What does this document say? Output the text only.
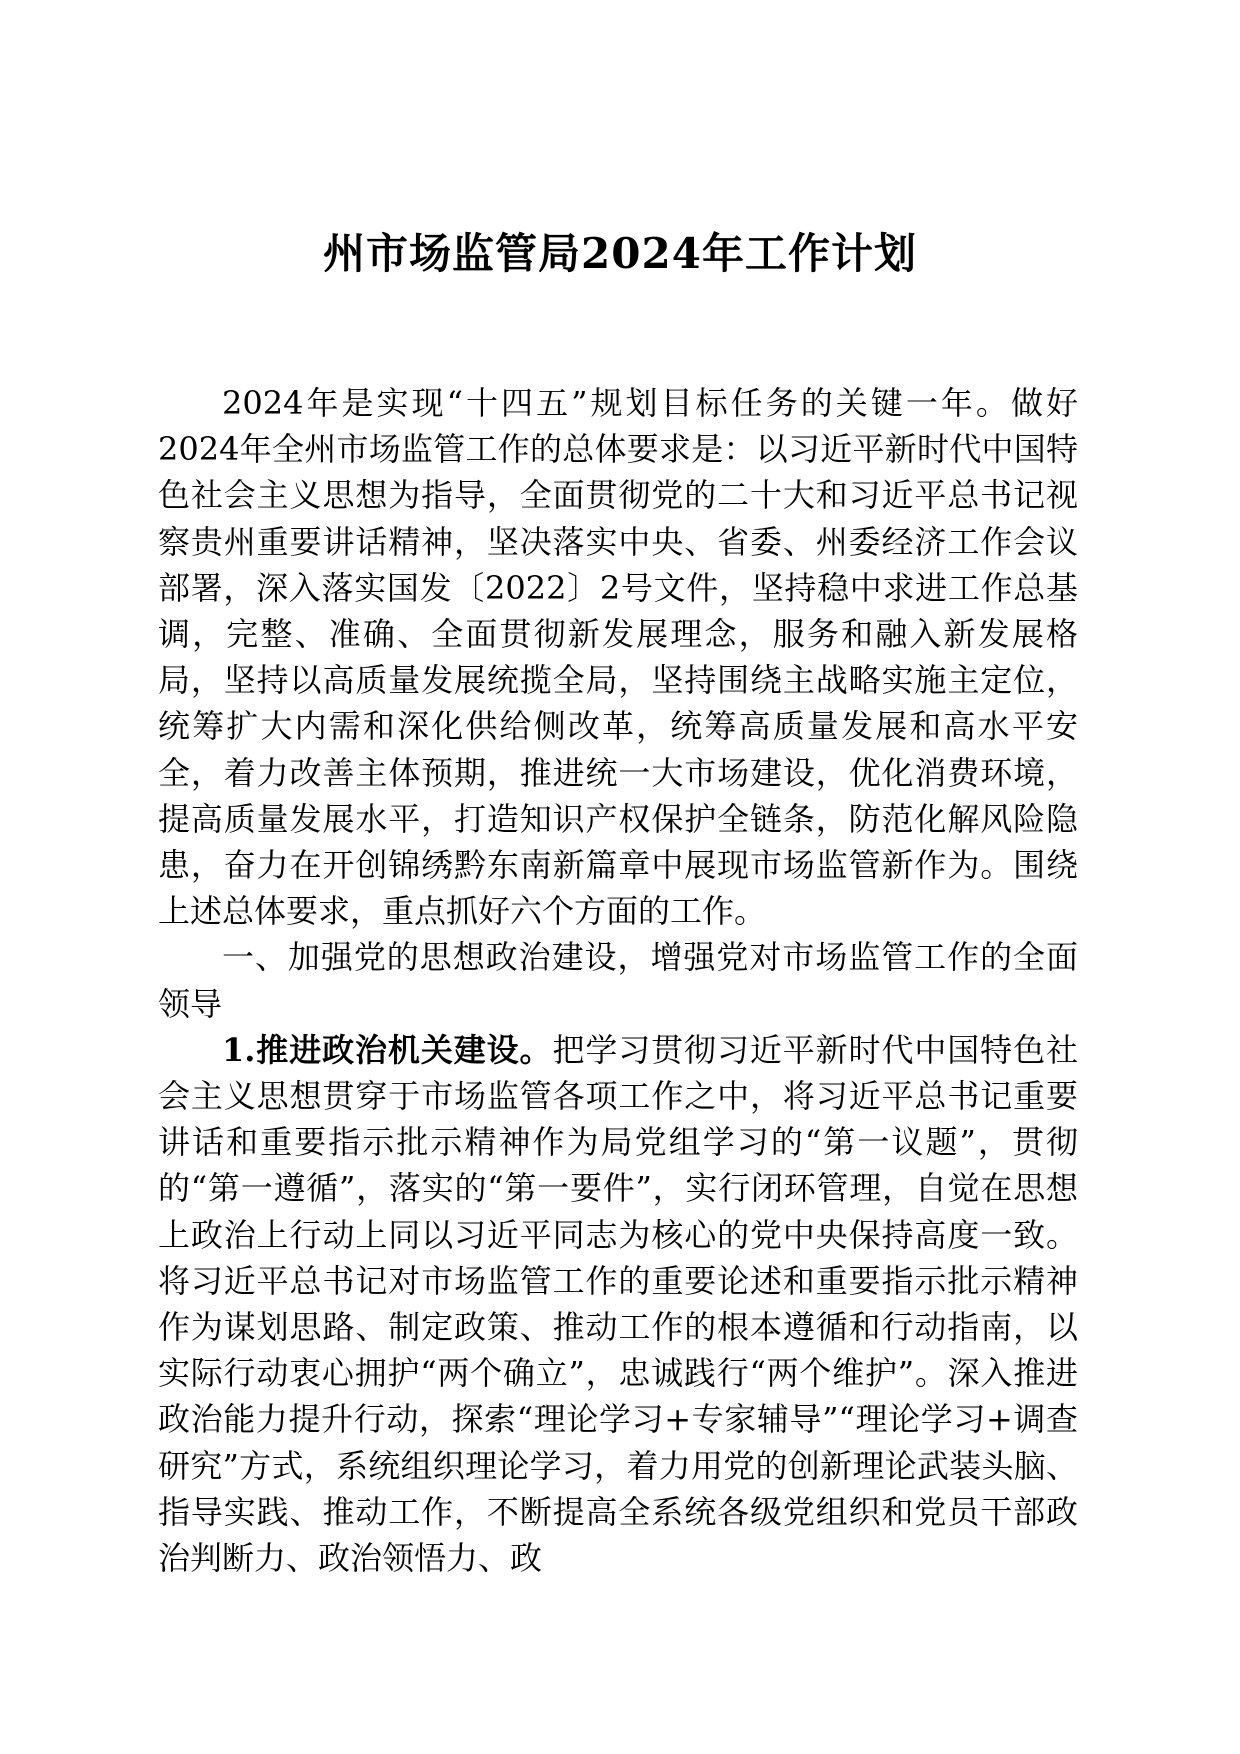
州市场监管局2024年工作计划

2024年是实现“十四五”规划目标任务的关键一年。做好2024年全州市场监管工作的总体要求是：以习近平新时代中国特色社会主义思想为指导，全面贯彻党的二十大和习近平总书记视察贵州重要讲话精神，坚决落实中央、省委、州委经济工作会议部署，深入落实国发〔2022〕2号文件，坚持稳中求进工作总基调，完整、准确、全面贯彻新发展理念，服务和融入新发展格局，坚持以高质量发展统揽全局，坚持围绕主战略实施主定位，统筹扩大内需和深化供给侧改革，统筹高质量发展和高水平安全，着力改善主体预期，推进统一大市场建设，优化消费环境，提高质量发展水平，打造知识产权保护全链条，防范化解风险隐患，奋力在开创锦绣黔东南新篇章中展现市场监管新作为。围绕上述总体要求，重点抓好六个方面的工作。

一、加强党的思想政治建设，增强党对市场监管工作的全面领导

1.推进政治机关建设。把学习贯彻习近平新时代中国特色社会主义思想贯穿于市场监管各项工作之中，将习近平总书记重要讲话和重要指示批示精神作为局党组学习的“第一议题”，贯彻的“第一遵循”，落实的“第一要件”，实行闭环管理，自觉在思想上政治上行动上同以习近平同志为核心的党中央保持高度一致。将习近平总书记对市场监管工作的重要论述和重要指示批示精神作为谋划思路、制定政策、推动工作的根本遵循和行动指南，以实际行动衷心拥护“两个确立”，忠诚践行“两个维护”。深入推进政治能力提升行动，探索“理论学习+专家辅导”“理论学习+调查研究”方式，系统组织理论学习，着力用党的创新理论武装头脑、指导实践、推动工作，不断提高全系统各级党组织和党员干部政治判断力、政治领悟力、政
